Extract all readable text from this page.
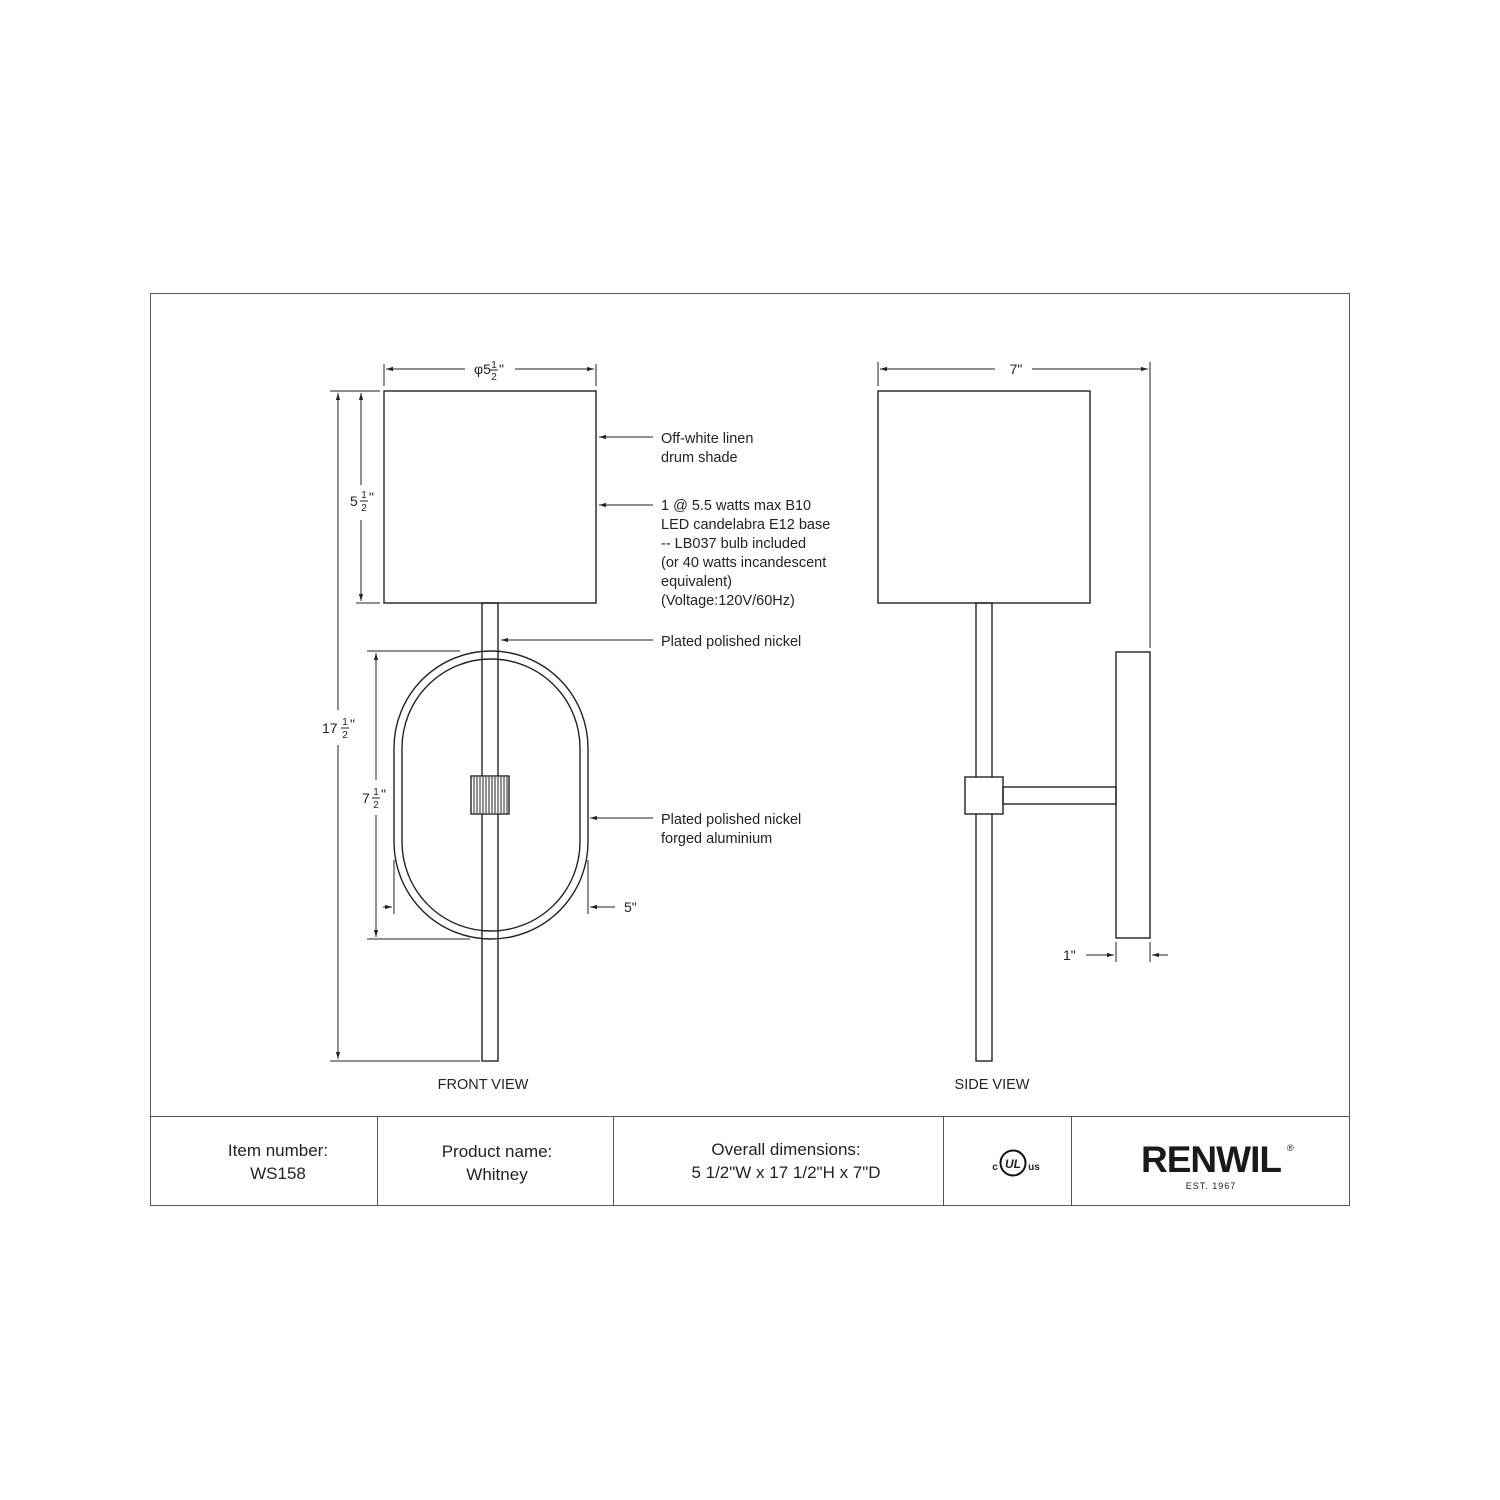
φ5 1
2
"
5 1
2
"
17 1
2
"
7 1
2
"
5"
Off-white linen
drum shade
1 @ 5.5 watts max B10
LED candelabra E12 base
-- LB037 bulb included
(or 40 watts incandescent
equivalent)
(Voltage:120V/60Hz)
Plated polished nickel
Plated polished nickel
forged aluminium
FRONT VIEW
7"
1"
SIDE VIEW
Item number:
WS158
Product name:
Whitney
Overall dimensions:
5 1/2"W x 17 1/2"H x 7"D	UL
c	us	RENWIL ®
EST. 1967
